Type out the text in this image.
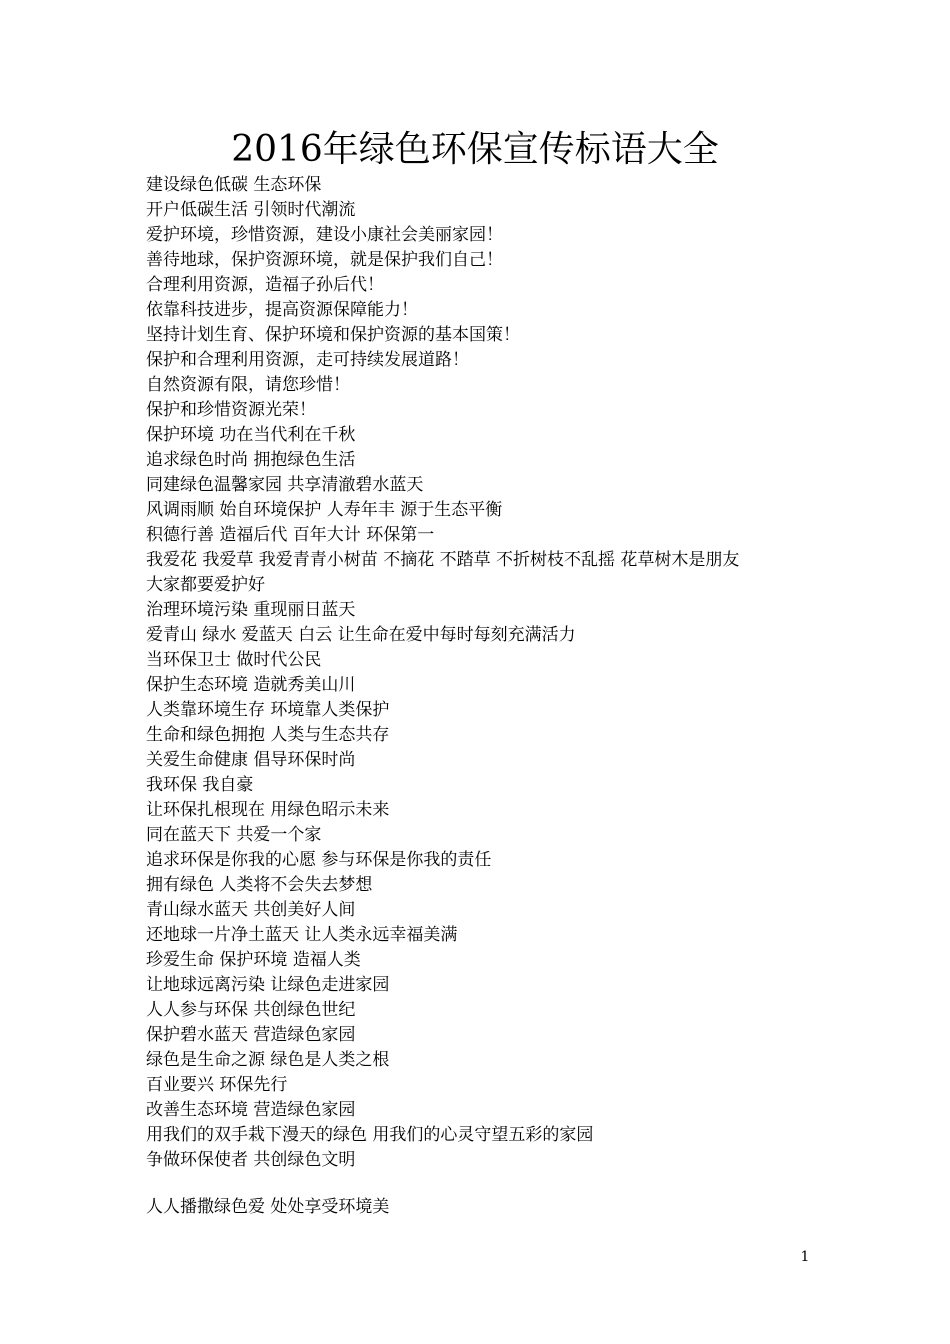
2016年绿色环保宣传标语大全
建设绿色低碳 生态环保
开户低碳生活 引领时代潮流
爱护环境，珍惜资源，建设小康社会美丽家园！
善待地球，保护资源环境，就是保护我们自己！
合理利用资源，造福子孙后代！
依靠科技进步，提高资源保障能力！
坚持计划生育、保护环境和保护资源的基本国策！
保护和合理利用资源，走可持续发展道路！
自然资源有限，请您珍惜！
保护和珍惜资源光荣！
保护环境 功在当代利在千秋
追求绿色时尚 拥抱绿色生活
同建绿色温馨家园 共享清澈碧水蓝天
风调雨顺 始自环境保护 人寿年丰 源于生态平衡
积德行善 造福后代 百年大计 环保第一
我爱花 我爱草 我爱青青小树苗 不摘花 不踏草 不折树枝不乱摇 花草树木是朋友
大家都要爱护好
治理环境污染 重现丽日蓝天
爱青山 绿水 爱蓝天 白云 让生命在爱中每时每刻充满活力
当环保卫士 做时代公民
保护生态环境 造就秀美山川
人类靠环境生存 环境靠人类保护
生命和绿色拥抱 人类与生态共存
关爱生命健康 倡导环保时尚
我环保 我自豪
让环保扎根现在 用绿色昭示未来
同在蓝天下 共爱一个家
追求环保是你我的心愿 参与环保是你我的责任
拥有绿色 人类将不会失去梦想
青山绿水蓝天 共创美好人间
还地球一片净土蓝天 让人类永远幸福美满
珍爱生命 保护环境 造福人类
让地球远离污染 让绿色走进家园
人人参与环保 共创绿色世纪
保护碧水蓝天 营造绿色家园
绿色是生命之源 绿色是人类之根
百业要兴 环保先行
改善生态环境 营造绿色家园
用我们的双手栽下漫天的绿色 用我们的心灵守望五彩的家园
争做环保使者 共创绿色文明
人人播撒绿色爱 处处享受环境美
1
